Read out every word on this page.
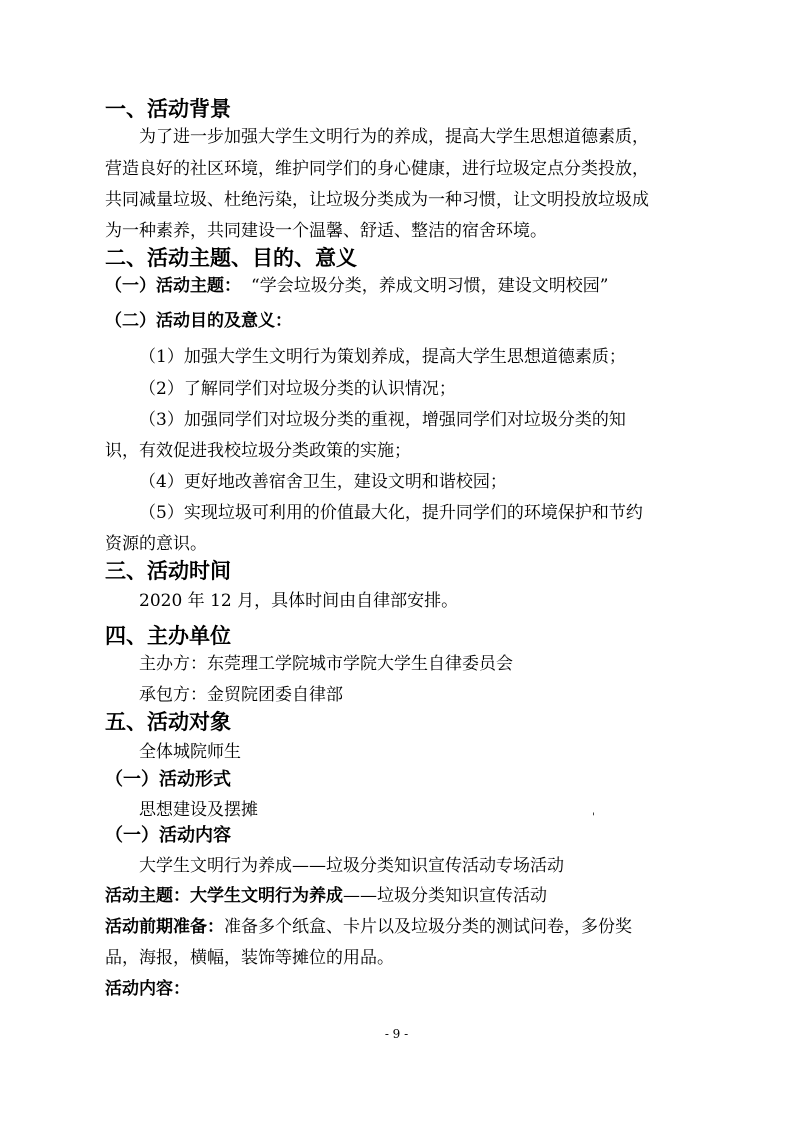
一、活动背景
为了进一步加强大学生文明行为的养成，提高大学生思想道德素质，
营造良好的社区环境，维护同学们的身心健康，进行垃圾定点分类投放，
共同减量垃圾、杜绝污染，让垃圾分类成为一种习惯，让文明投放垃圾成
为一种素养，共同建设一个温馨、舒适、整洁的宿舍环境。
二、活动主题、目的、意义
（一）活动主题： “学会垃圾分类，养成文明习惯，建设文明校园”
（二）活动目的及意义：
（1）加强大学生文明行为策划养成，提高大学生思想道德素质；
（2）了解同学们对垃圾分类的认识情况；
（3）加强同学们对垃圾分类的重视，增强同学们对垃圾分类的知
识，有效促进我校垃圾分类政策的实施；
（4）更好地改善宿舍卫生，建设文明和谐校园；
（5）实现垃圾可利用的价值最大化，提升同学们的环境保护和节约
资源的意识。
三、活动时间
2020 年 12 月，具体时间由自律部安排。
四、主办单位
主办方：东莞理工学院城市学院大学生自律委员会
承包方：金贸院团委自律部
五、活动对象
全体城院师生
（一）活动形式
思想建设及摆摊	'
（一）活动内容
大学生文明行为养成——垃圾分类知识宣传活动专场活动
活动主题：大学生文明行为养成——垃圾分类知识宣传活动
活动前期准备：准备多个纸盒、卡片以及垃圾分类的测试问卷，多份奖
品，海报，横幅，装饰等摊位的用品。
活动内容：
- 9 -
